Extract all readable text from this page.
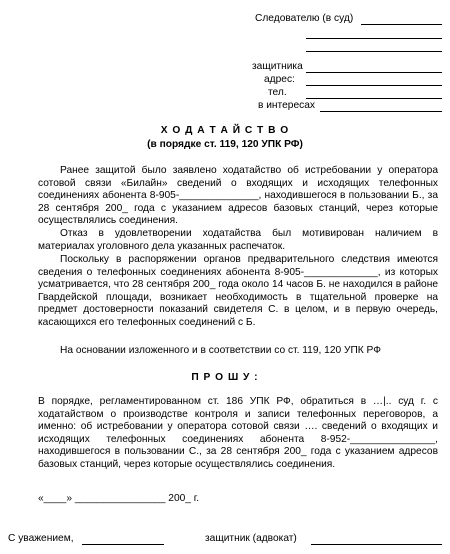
Следователю (в суд)
защитника
адрес:
тел.
в интересах
Х О Д А Т А Й С Т В О
(в порядке ст. 119, 120 УПК РФ)
Ранее защитой было заявлено ходатайство об истребовании у оператора сотовой связи «Билайн» сведений о входящих и исходящих телефонных соединениях абонента 8-905-______________, находившегося в пользовании Б., за 28 сентября 200_ года с указанием адресов базовых станций, через которые осуществлялись соединения.
Отказ в удовлетворении ходатайства был мотивирован наличием в материалах уголовного дела указанных распечаток.
Поскольку в распоряжении органов предварительного следствия имеются сведения о телефонных соединениях абонента 8-905-_____________, из которых усматривается, что 28 сентября 200_ года около 14 часов Б. не находился в районе Гвардейской площади, возникает необходимость в тщательной проверке на предмет достоверности показаний свидетеля С. в целом, и в первую очередь, касающихся его телефонных соединений с Б.
На основании изложенного и в соответствии со ст. 119, 120 УПК РФ
П Р О Ш У :
В порядке, регламентированном ст. 186 УПК РФ, обратиться в …|.. суд г. с ходатайством о производстве контроля и записи телефонных переговоров, а именно: об истребовании у оператора сотовой связи …. сведений о входящих и исходящих телефонных соединениях абонента 8-952-_______________, находившегося в пользовании С., за 28 сентября 200_ года с указанием адресов базовых станций, через которые осуществлялись соединения.
«____» ________________ 200_ г.
С уважением,	защитник (адвокат)
